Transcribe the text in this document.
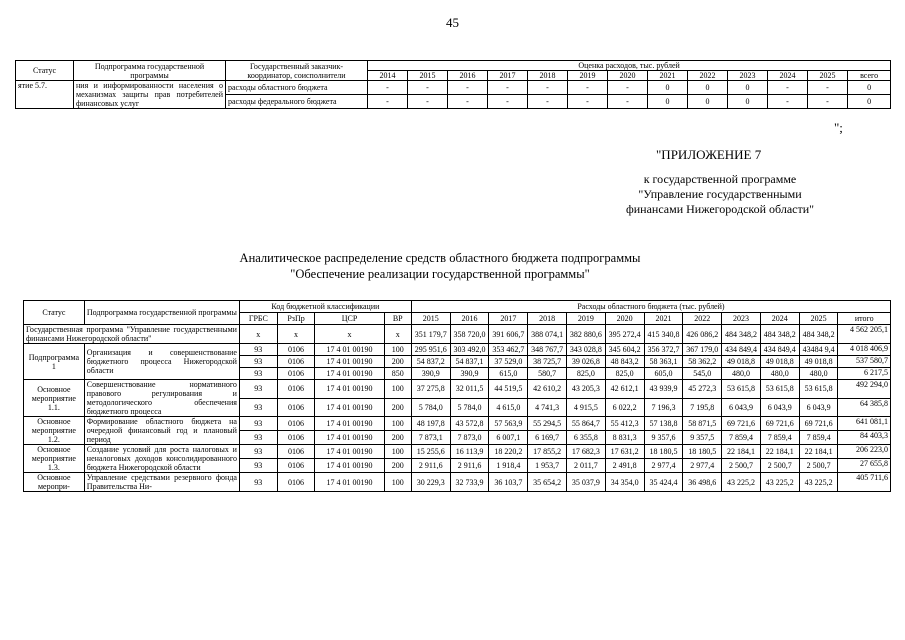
45
Статус	Подпрограмма государственной программы	Государственный заказчик-координатор, соисполнители	Оценка расходов, тыс. рублей												
			2014	2015	2016	2017	2018	2019	2020	2021	2022	2023	2024	2025	всего
ятие 5.7.	ния и информированности населения о механизмах защиты прав потребителей финансовых услуг	расходы областного бюджета	-	-	-	-	-	-	-	0	0	0	-	-	0
		расходы федерального бюджета	-	-	-	-	-	-	-	0	0	0	-	-	0
";
"ПРИЛОЖЕНИЕ 7
к государственной программе
"Управление государственными
финансами Нижегородской области"
Аналитическое распределение средств областного бюджета подпрограммы
"Обеспечение реализации государственной программы"
Статус	Подпрограмма государственной программы	Код бюджетной классификации				Расходы областного бюджета (тыс. рублей)											
		ГРБС	РзПр	ЦСР	ВР	2015	2016	2017	2018	2019	2020	2021	2022	2023	2024	2025	итого
Государственная программа "Управление государственными финансами Нижегородской области"		x	x	x	x	351 179,7	358 720,0	391 606,7	388 074,1	382 880,6	395 272,4	415 340,8	426 086,2	484 348,2	484 348,2	484 348,2	4 562 205,1
Подпрограмма 1	Организация и совершенствование бюджетного процесса Нижегородской области	93	0106	17 4 01 00190	100	295 951,6	303 492,0	353 462,7	348 767,7	343 028,8	345 604,2	356 372,7	367 179,0	434 849,4	434 849,4	43484 9,4	4 018 406,9
		93	0106	17 4 01 00190	200	54 837,2	54 837,1	37 529,0	38 725,7	39 026,8	48 843,2	58 363,1	58 362,2	49 018,8	49 018,8	49 018,8	537 580,7
		93	0106	17 4 01 00190	850	390,9	390,9	615,0	580,7	825,0	825,0	605,0	545,0	480,0	480,0	480,0	6 217,5
Основное мероприятие 1.1.	Совершенствование нормативного правового регулирования и методологического обеспечения бюджетного процесса	93	0106	17 4 01 00190	100	37 275,8	32 011,5	44 519,5	42 610,2	43 205,3	42 612,1	43 939,9	45 272,3	53 615,8	53 615,8	53 615,8	492 294,0
		93	0106	17 4 01 00190	200	5 784,0	5 784,0	4 615,0	4 741,3	4 915,5	6 022,2	7 196,3	7 195,8	6 043,9	6 043,9	6 043,9	64 385,8
Основное мероприятие 1.2.	Формирование областного бюджета на очередной финансовый год и плановый период	93	0106	17 4 01 00190	100	48 197,8	43 572,8	57 563,9	55 294,5	55 864,7	55 412,3	57 138,8	58 871,5	69 721,6	69 721,6	69 721,6	641 081,1
		93	0106	17 4 01 00190	200	7 873,1	7 873,0	6 007,1	6 169,7	6 355,8	8 831,3	9 357,6	9 357,5	7 859,4	7 859,4	7 859,4	84 403,3
Основное мероприятие 1.3.	Создание условий для роста налоговых и неналоговых доходов консолидированного бюджета Нижегородской области	93	0106	17 4 01 00190	100	15 255,6	16 113,9	18 220,2	17 855,2	17 682,3	17 631,2	18 180,5	18 180,5	22 184,1	22 184,1	22 184,1	206 223,0
		93	0106	17 4 01 00190	200	2 911,6	2 911,6	1 918,4	1 953,7	2 011,7	2 491,8	2 977,4	2 977,4	2 500,7	2 500,7	2 500,7	27 655,8
Основное меропри-	Управление средствами резервного фонда Правительства Ни-	93	0106	17 4 01 00190	100	30 229,3	32 733,9	36 103,7	35 654,2	35 037,9	34 354,0	35 424,4	36 498,6	43 225,2	43 225,2	43 225,2	405 711,6
